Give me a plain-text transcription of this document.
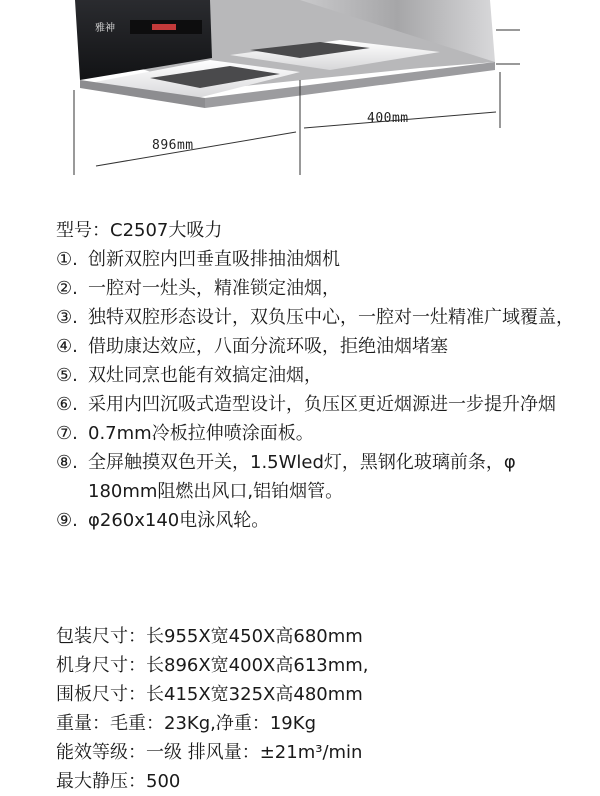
雅神
896mm
400mm
型号：C2507大吸力
①. 创新双腔内凹垂直吸排抽油烟机
②. 一腔对一灶头，精准锁定油烟，
③. 独特双腔形态设计，双负压中心，一腔对一灶精准广域覆盖，
④. 借助康达效应，八面分流环吸，拒绝油烟堵塞
⑤. 双灶同烹也能有效搞定油烟，
⑥. 采用内凹沉吸式造型设计，负压区更近烟源进一步提升净烟
⑦. 0.7mm冷板拉伸喷涂面板。
⑧. 全屏触摸双色开关，1.5Wled灯，黑钢化玻璃前条，φ 180mm阻燃出风口,铝铂烟管。
⑨. φ260x140电泳风轮。
包装尺寸：长955X宽450X高680mm
机身尺寸：长896X宽400X高613mm,
围板尺寸：长415X宽325X高480mm
重量：毛重：23Kg,净重：19Kg
能效等级：一级 排风量：±21m³/min
最大静压：500
